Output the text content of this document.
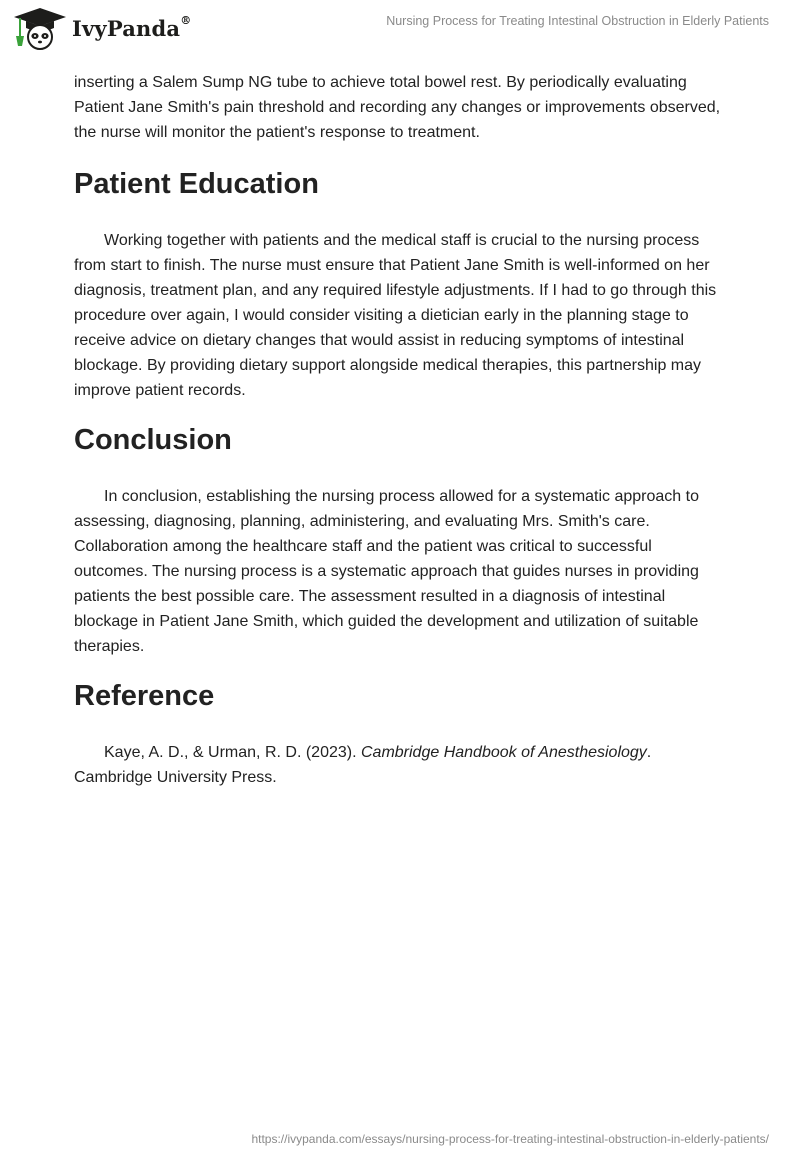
IvyPanda®	Nursing Process for Treating Intestinal Obstruction in Elderly Patients

inserting a Salem Sump NG tube to achieve total bowel rest. By periodically evaluating Patient Jane Smith's pain threshold and recording any changes or improvements observed, the nurse will monitor the patient's response to treatment.

Patient Education

Working together with patients and the medical staff is crucial to the nursing process from start to finish. The nurse must ensure that Patient Jane Smith is well-informed on her diagnosis, treatment plan, and any required lifestyle adjustments. If I had to go through this procedure over again, I would consider visiting a dietician early in the planning stage to receive advice on dietary changes that would assist in reducing symptoms of intestinal blockage. By providing dietary support alongside medical therapies, this partnership may improve patient records.

Conclusion

In conclusion, establishing the nursing process allowed for a systematic approach to assessing, diagnosing, planning, administering, and evaluating Mrs. Smith's care. Collaboration among the healthcare staff and the patient was critical to successful outcomes. The nursing process is a systematic approach that guides nurses in providing patients the best possible care. The assessment resulted in a diagnosis of intestinal blockage in Patient Jane Smith, which guided the development and utilization of suitable therapies.

Reference

Kaye, A. D., & Urman, R. D. (2023). Cambridge Handbook of Anesthesiology. Cambridge University Press.

https://ivypanda.com/essays/nursing-process-for-treating-intestinal-obstruction-in-elderly-patients/
